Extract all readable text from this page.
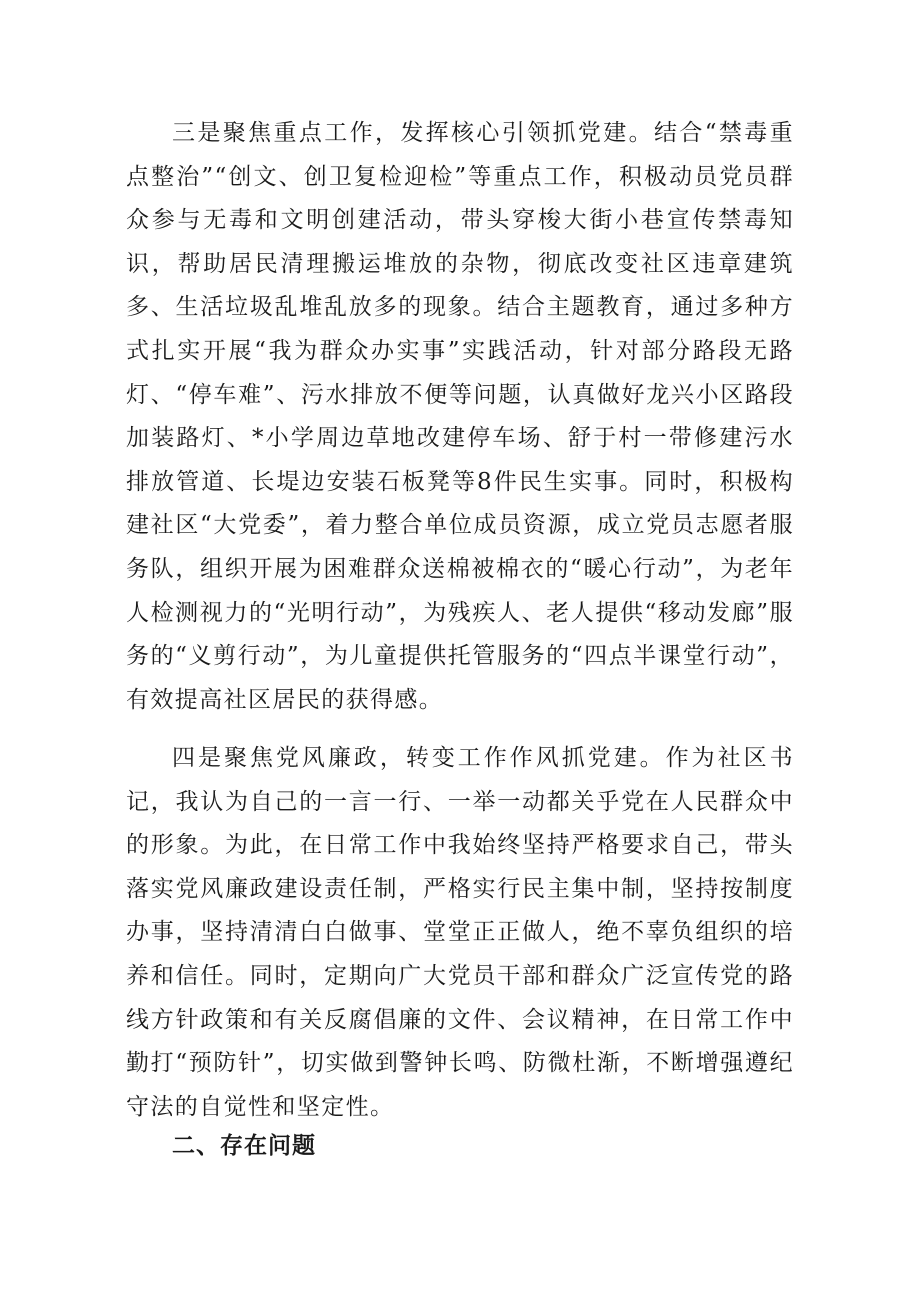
三是聚焦重点工作，发挥核心引领抓党建。结合“禁毒重点整治”“创文、创卫复检迎检”等重点工作，积极动员党员群众参与无毒和文明创建活动，带头穿梭大街小巷宣传禁毒知识，帮助居民清理搬运堆放的杂物，彻底改变社区违章建筑多、生活垃圾乱堆乱放多的现象。结合主题教育，通过多种方式扎实开展“我为群众办实事”实践活动，针对部分路段无路灯、“停车难”、污水排放不便等问题，认真做好龙兴小区路段加装路灯、*小学周边草地改建停车场、舒于村一带修建污水排放管道、长堤边安装石板凳等8件民生实事。同时，积极构建社区“大党委”，着力整合单位成员资源，成立党员志愿者服务队，组织开展为困难群众送棉被棉衣的“暖心行动”，为老年人检测视力的“光明行动”，为残疾人、老人提供“移动发廊”服务的“义剪行动”，为儿童提供托管服务的“四点半课堂行动”，有效提高社区居民的获得感。

四是聚焦党风廉政，转变工作作风抓党建。作为社区书记，我认为自己的一言一行、一举一动都关乎党在人民群众中的形象。为此，在日常工作中我始终坚持严格要求自己，带头落实党风廉政建设责任制，严格实行民主集中制，坚持按制度办事，坚持清清白白做事、堂堂正正做人，绝不辜负组织的培养和信任。同时，定期向广大党员干部和群众广泛宣传党的路线方针政策和有关反腐倡廉的文件、会议精神，在日常工作中勤打“预防针”，切实做到警钟长鸣、防微杜渐，不断增强遵纪守法的自觉性和坚定性。

二、存在问题
